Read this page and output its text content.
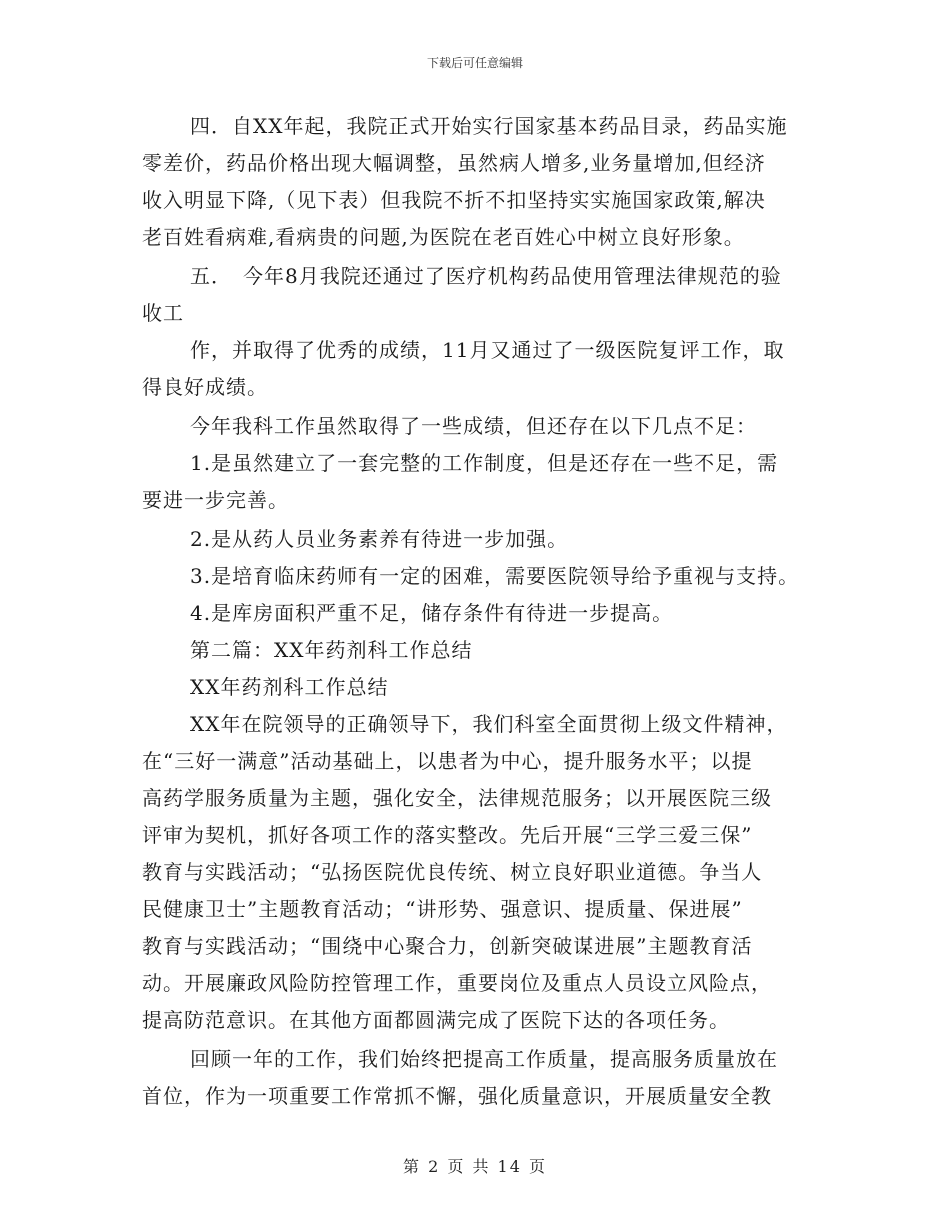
下载后可任意编辑
四．自XX年起，我院正式开始实行国家基本药品目录，药品实施
零差价，药品价格出现大幅调整，虽然病人增多,业务量增加,但经济
收入明显下降,（见下表）但我院不折不扣坚持实实施国家政策,解决
老百姓看病难,看病贵的问题,为医院在老百姓心中树立良好形象。
五．　今年8月我院还通过了医疗机构药品使用管理法律规范的验
收工
作，并取得了优秀的成绩，11月又通过了一级医院复评工作，取
得良好成绩。
今年我科工作虽然取得了一些成绩，但还存在以下几点不足：
1.是虽然建立了一套完整的工作制度，但是还存在一些不足，需
要进一步完善。
2.是从药人员业务素养有待进一步加强。
3.是培育临床药师有一定的困难，需要医院领导给予重视与支持。
4.是库房面积严重不足，储存条件有待进一步提高。
第二篇：XX年药剂科工作总结
XX年药剂科工作总结
XX年在院领导的正确领导下，我们科室全面贯彻上级文件精神，
在“三好一满意”活动基础上，以患者为中心，提升服务水平；以提
高药学服务质量为主题，强化安全，法律规范服务；以开展医院三级
评审为契机，抓好各项工作的落实整改。先后开展“三学三爱三保”
教育与实践活动；“弘扬医院优良传统、树立良好职业道德。争当人
民健康卫士”主题教育活动；“讲形势、强意识、提质量、保进展”
教育与实践活动；“围绕中心聚合力，创新突破谋进展”主题教育活
动。开展廉政风险防控管理工作，重要岗位及重点人员设立风险点，
提高防范意识。在其他方面都圆满完成了医院下达的各项任务。
回顾一年的工作，我们始终把提高工作质量，提高服务质量放在
首位，作为一项重要工作常抓不懈，强化质量意识，开展质量安全教
第 2 页 共 14 页
